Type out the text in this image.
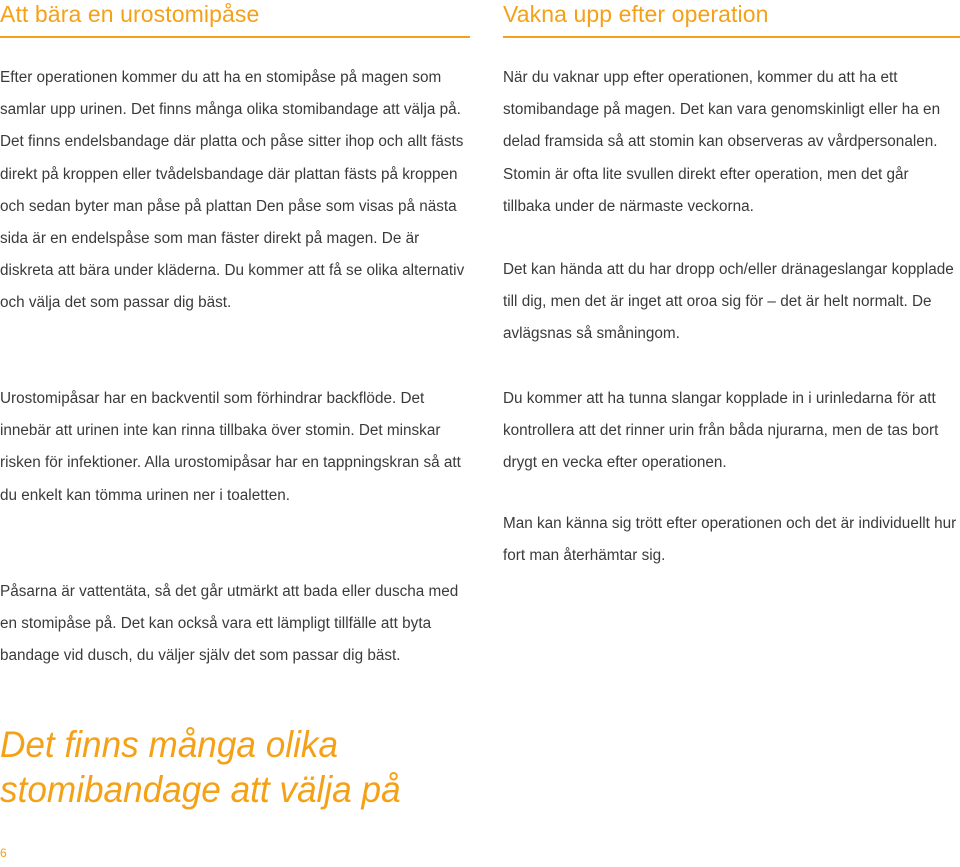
Att bära en urostomipåse	Vakna upp efter operation

Efter operationen kommer du att ha en stomipåse på magen som samlar upp urinen. Det finns många olika stomibandage att välja på. Det finns endelsbandage där platta och påse sitter ihop och allt fästs direkt på kroppen eller tvådelsbandage där plattan fästs på kroppen och sedan byter man påse på plattan Den påse som visas på nästa sida är en endelspåse som man fäster direkt på magen. De är diskreta att bära under kläderna. Du kommer att få se olika alternativ och välja det som passar dig bäst.

Urostomipåsar har en backventil som förhindrar backflöde. Det innebär att urinen inte kan rinna tillbaka över stomin. Det minskar risken för infektioner. Alla urostomipåsar har en tappningskran så att du enkelt kan tömma urinen ner i toaletten.

Påsarna är vattentäta, så det går utmärkt att bada eller duscha med en stomipåse på. Det kan också vara ett lämpligt tillfälle att byta bandage vid dusch, du väljer själv det som passar dig bäst.

När du vaknar upp efter operationen, kommer du att ha ett stomibandage på magen. Det kan vara genomskinligt eller ha en delad framsida så att stomin kan observeras av vårdpersonalen. Stomin är ofta lite svullen direkt efter operation, men det går tillbaka under de närmaste veckorna.

Det kan hända att du har dropp och/eller dränageslangar kopplade till dig, men det är inget att oroa sig för – det är helt normalt. De avlägsnas så småningom.

Du kommer att ha tunna slangar kopplade in i urinledarna för att kontrollera att det rinner urin från båda njurarna, men de tas bort drygt en vecka efter operationen.

Man kan känna sig trött efter operationen och det är individuellt hur fort man återhämtar sig.

Det finns många olika stomibandage att välja på

6
